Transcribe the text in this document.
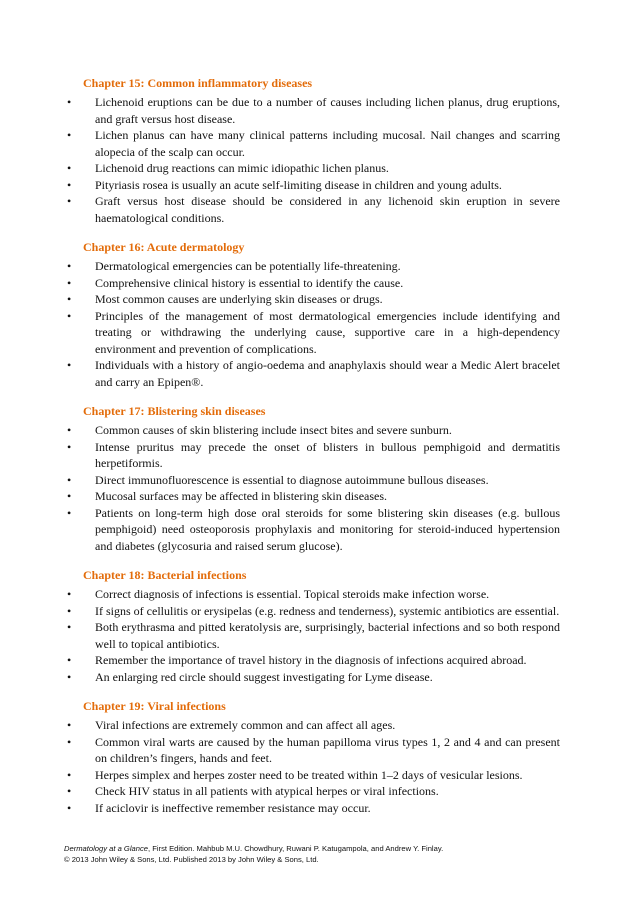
Chapter 15: Common inflammatory diseases
• Lichenoid eruptions can be due to a number of causes including lichen planus, drug eruptions, and graft versus host disease.
• Lichen planus can have many clinical patterns including mucosal. Nail changes and scarring alopecia of the scalp can occur.
• Lichenoid drug reactions can mimic idiopathic lichen planus.
• Pityriasis rosea is usually an acute self-limiting disease in children and young adults.
• Graft versus host disease should be considered in any lichenoid skin eruption in severe haematological conditions.
Chapter 16: Acute dermatology
• Dermatological emergencies can be potentially life-threatening.
• Comprehensive clinical history is essential to identify the cause.
• Most common causes are underlying skin diseases or drugs.
• Principles of the management of most dermatological emergencies include identifying and treating or withdrawing the underlying cause, supportive care in a high-dependency environment and prevention of complications.
• Individuals with a history of angio-oedema and anaphylaxis should wear a Medic Alert bracelet and carry an Epipen®.
Chapter 17: Blistering skin diseases
• Common causes of skin blistering include insect bites and severe sunburn.
• Intense pruritus may precede the onset of blisters in bullous pemphigoid and dermatitis herpetiformis.
• Direct immunofluorescence is essential to diagnose autoimmune bullous diseases.
• Mucosal surfaces may be affected in blistering skin diseases.
• Patients on long-term high dose oral steroids for some blistering skin diseases (e.g. bullous pemphigoid) need osteoporosis prophylaxis and monitoring for steroid-induced hypertension and diabetes (glycosuria and raised serum glucose).
Chapter 18: Bacterial infections
• Correct diagnosis of infections is essential. Topical steroids make infection worse.
• If signs of cellulitis or erysipelas (e.g. redness and tenderness), systemic antibiotics are essential.
• Both erythrasma and pitted keratolysis are, surprisingly, bacterial infections and so both respond well to topical antibiotics.
• Remember the importance of travel history in the diagnosis of infections acquired abroad.
• An enlarging red circle should suggest investigating for Lyme disease.
Chapter 19: Viral infections
• Viral infections are extremely common and can affect all ages.
• Common viral warts are caused by the human papilloma virus types 1, 2 and 4 and can present on children’s fingers, hands and feet.
• Herpes simplex and herpes zoster need to be treated within 1–2 days of vesicular lesions.
• Check HIV status in all patients with atypical herpes or viral infections.
• If aciclovir is ineffective remember resistance may occur.
Dermatology at a Glance, First Edition. Mahbub M.U. Chowdhury, Ruwani P. Katugampola, and Andrew Y. Finlay.
© 2013 John Wiley & Sons, Ltd. Published 2013 by John Wiley & Sons, Ltd.
